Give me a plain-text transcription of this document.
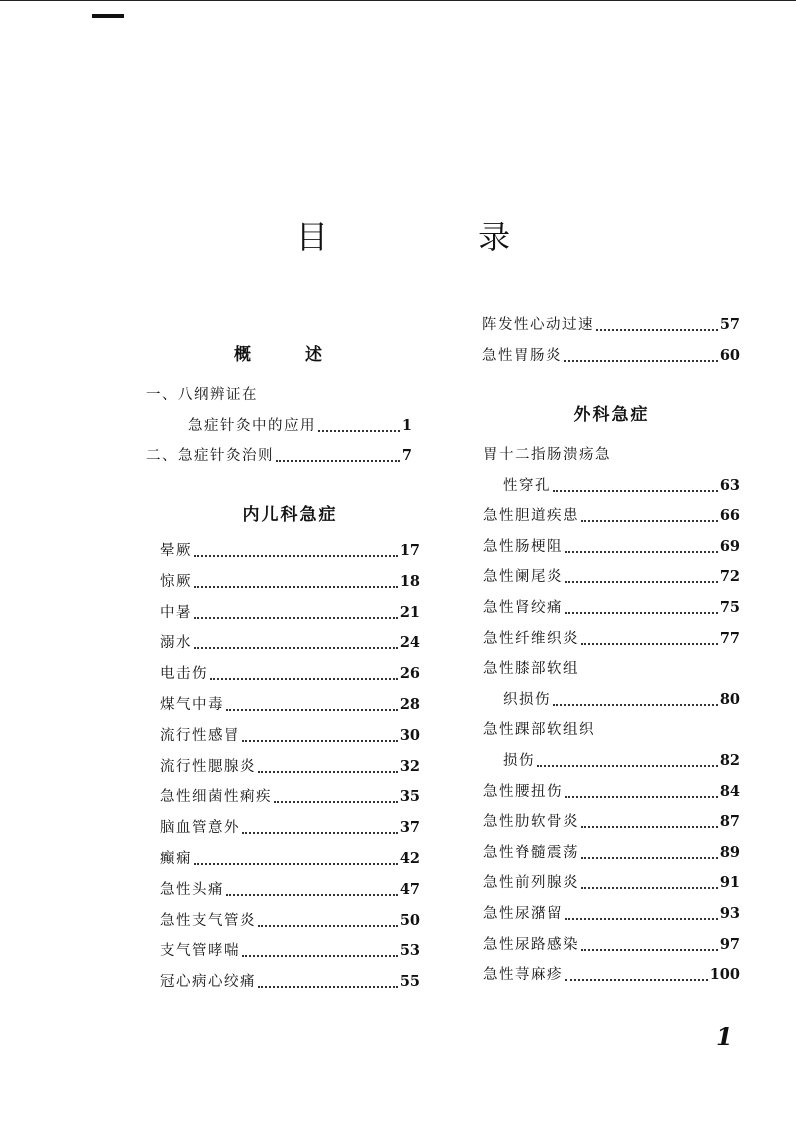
目 录
概 述
内儿科急症
外科急症
一、八纲辨证在
急症针灸中的应用	1
二、急症针灸治则	7
晕厥	17
惊厥	18
中暑	21
溺水	24
电击伤	26
煤气中毒	28
流行性感冒	30
流行性腮腺炎	32
急性细菌性痢疾	35
脑血管意外	37
癫痫	42
急性头痛	47
急性支气管炎	50
支气管哮喘	53
冠心病心绞痛	55
阵发性心动过速	57
急性胃肠炎	60
胃十二指肠溃疡急
性穿孔	63
急性胆道疾患	66
急性肠梗阻	69
急性阑尾炎	72
急性肾绞痛	75
急性纤维织炎	77
急性膝部软组
织损伤	80
急性踝部软组织
损伤	82
急性腰扭伤	84
急性肋软骨炎	87
急性脊髓震荡	89
急性前列腺炎	91
急性尿潴留	93
急性尿路感染	97
急性荨麻疹	100
1
